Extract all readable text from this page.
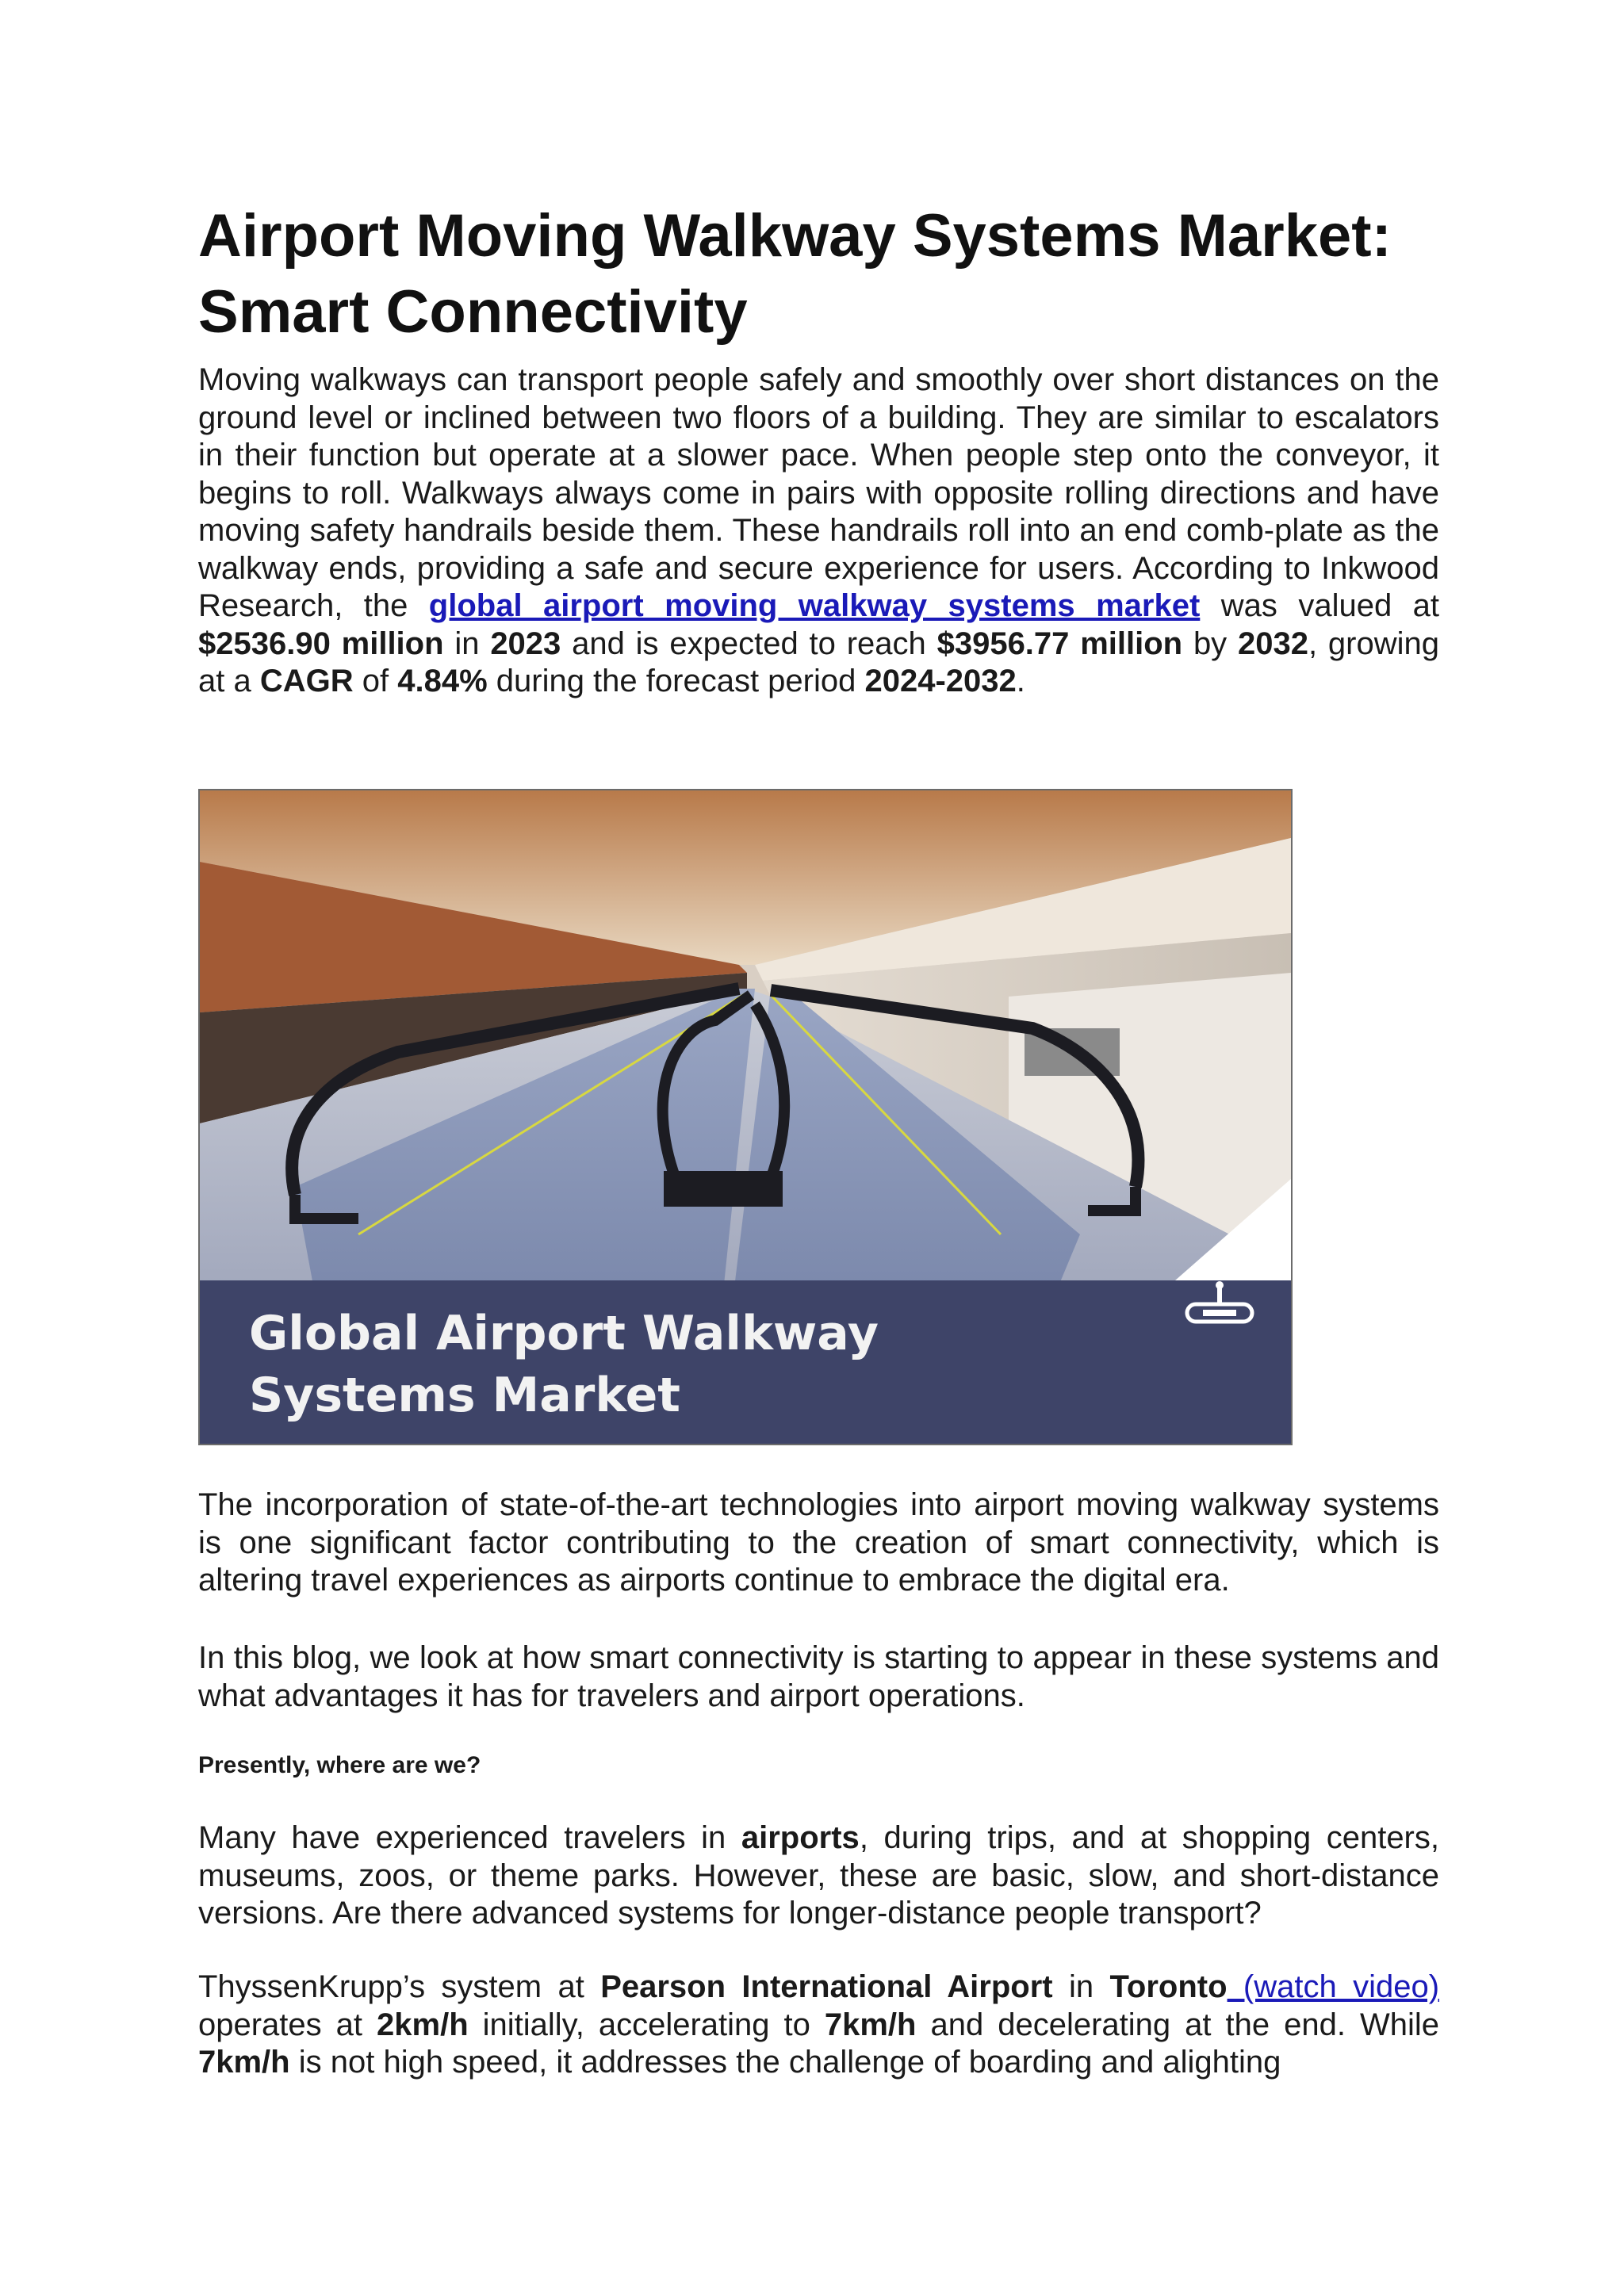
Airport Moving Walkway Systems Market: Smart Connectivity

Moving walkways can transport people safely and smoothly over short distances on the ground level or inclined between two floors of a building. They are similar to escalators in their function but operate at a slower pace. When people step onto the conveyor, it begins to roll. Walkways always come in pairs with opposite rolling directions and have moving safety handrails beside them. These handrails roll into an end comb-plate as the walkway ends, providing a safe and secure experience for users. According to Inkwood Research, the global airport moving walkway systems market was valued at $2536.90 million in 2023 and is expected to reach $3956.77 million by 2032, growing at a CAGR of 4.84% during the forecast period 2024-2032.

Global Airport Walkway
Systems Market

The incorporation of state-of-the-art technologies into airport moving walkway systems is one significant factor contributing to the creation of smart connectivity, which is altering travel experiences as airports continue to embrace the digital era.

In this blog, we look at how smart connectivity is starting to appear in these systems and what advantages it has for travelers and airport operations.

Presently, where are we?

Many have experienced travelers in airports, during trips, and at shopping centers, museums, zoos, or theme parks. However, these are basic, slow, and short-distance versions. Are there advanced systems for longer-distance people transport?

ThyssenKrupp’s system at Pearson International Airport in Toronto (watch video) operates at 2km/h initially, accelerating to 7km/h and decelerating at the end. While 7km/h is not high speed, it addresses the challenge of boarding and alighting
